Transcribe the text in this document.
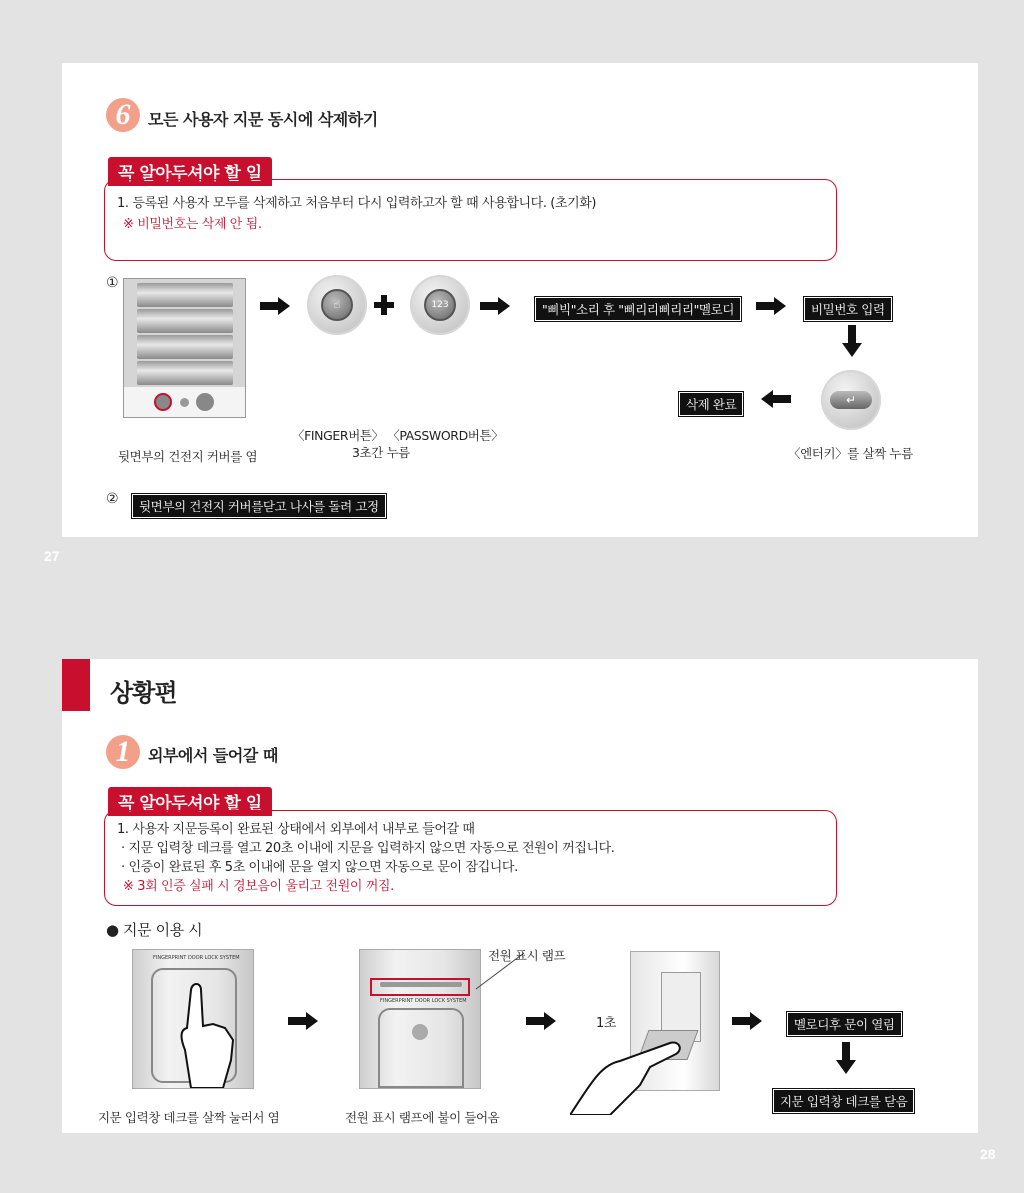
6	모든 사용자 지문 동시에 삭제하기
꼭 알아두셔야 할 일
1. 등록된 사용자 모두를 삭제하고 처음부터 다시 입력하고자 할 때 사용합니다. (초기화)
※ 비밀번호는 삭제 안 됨.
①
뒷면부의 건전지 커버를 염
☝	123
〈FINGER버튼〉 〈PASSWORD버튼〉
3초간 누름
"삐빅"소리 후 "삐리리삐리리"멜로디	비밀번호 입력
↵
삭제 완료
〈엔터키〉를 살짝 누름
②	뒷면부의 건전지 커버를닫고 나사를 돌려 고정
27
1	외부에서 들어갈 때
꼭 알아두셔야 할 일
1. 사용자 지문등록이 완료된 상태에서 외부에서 내부로 들어갈 때
· 지문 입력창 데크를 열고 20초 이내에 지문을 입력하지 않으면 자동으로 전원이 꺼집니다.
· 인증이 완료된 후 5초 이내에 문을 열지 않으면 자동으로 문이 잠깁니다.
※ 3회 인증 실패 시 경보음이 울리고 전원이 꺼짐.
● 지문 이용 시
FINGERPRINT DOOR LOCK SYSTEM
지문 입력창 데크를 살짝 눌러서 염
FINGERPRINT DOOR LOCK SYSTEM
전원 표시 램프
전원 표시 램프에 불이 들어옴
1초	멜로디후 문이 열림
지문 입력창 데크를 닫음
상황편
28
